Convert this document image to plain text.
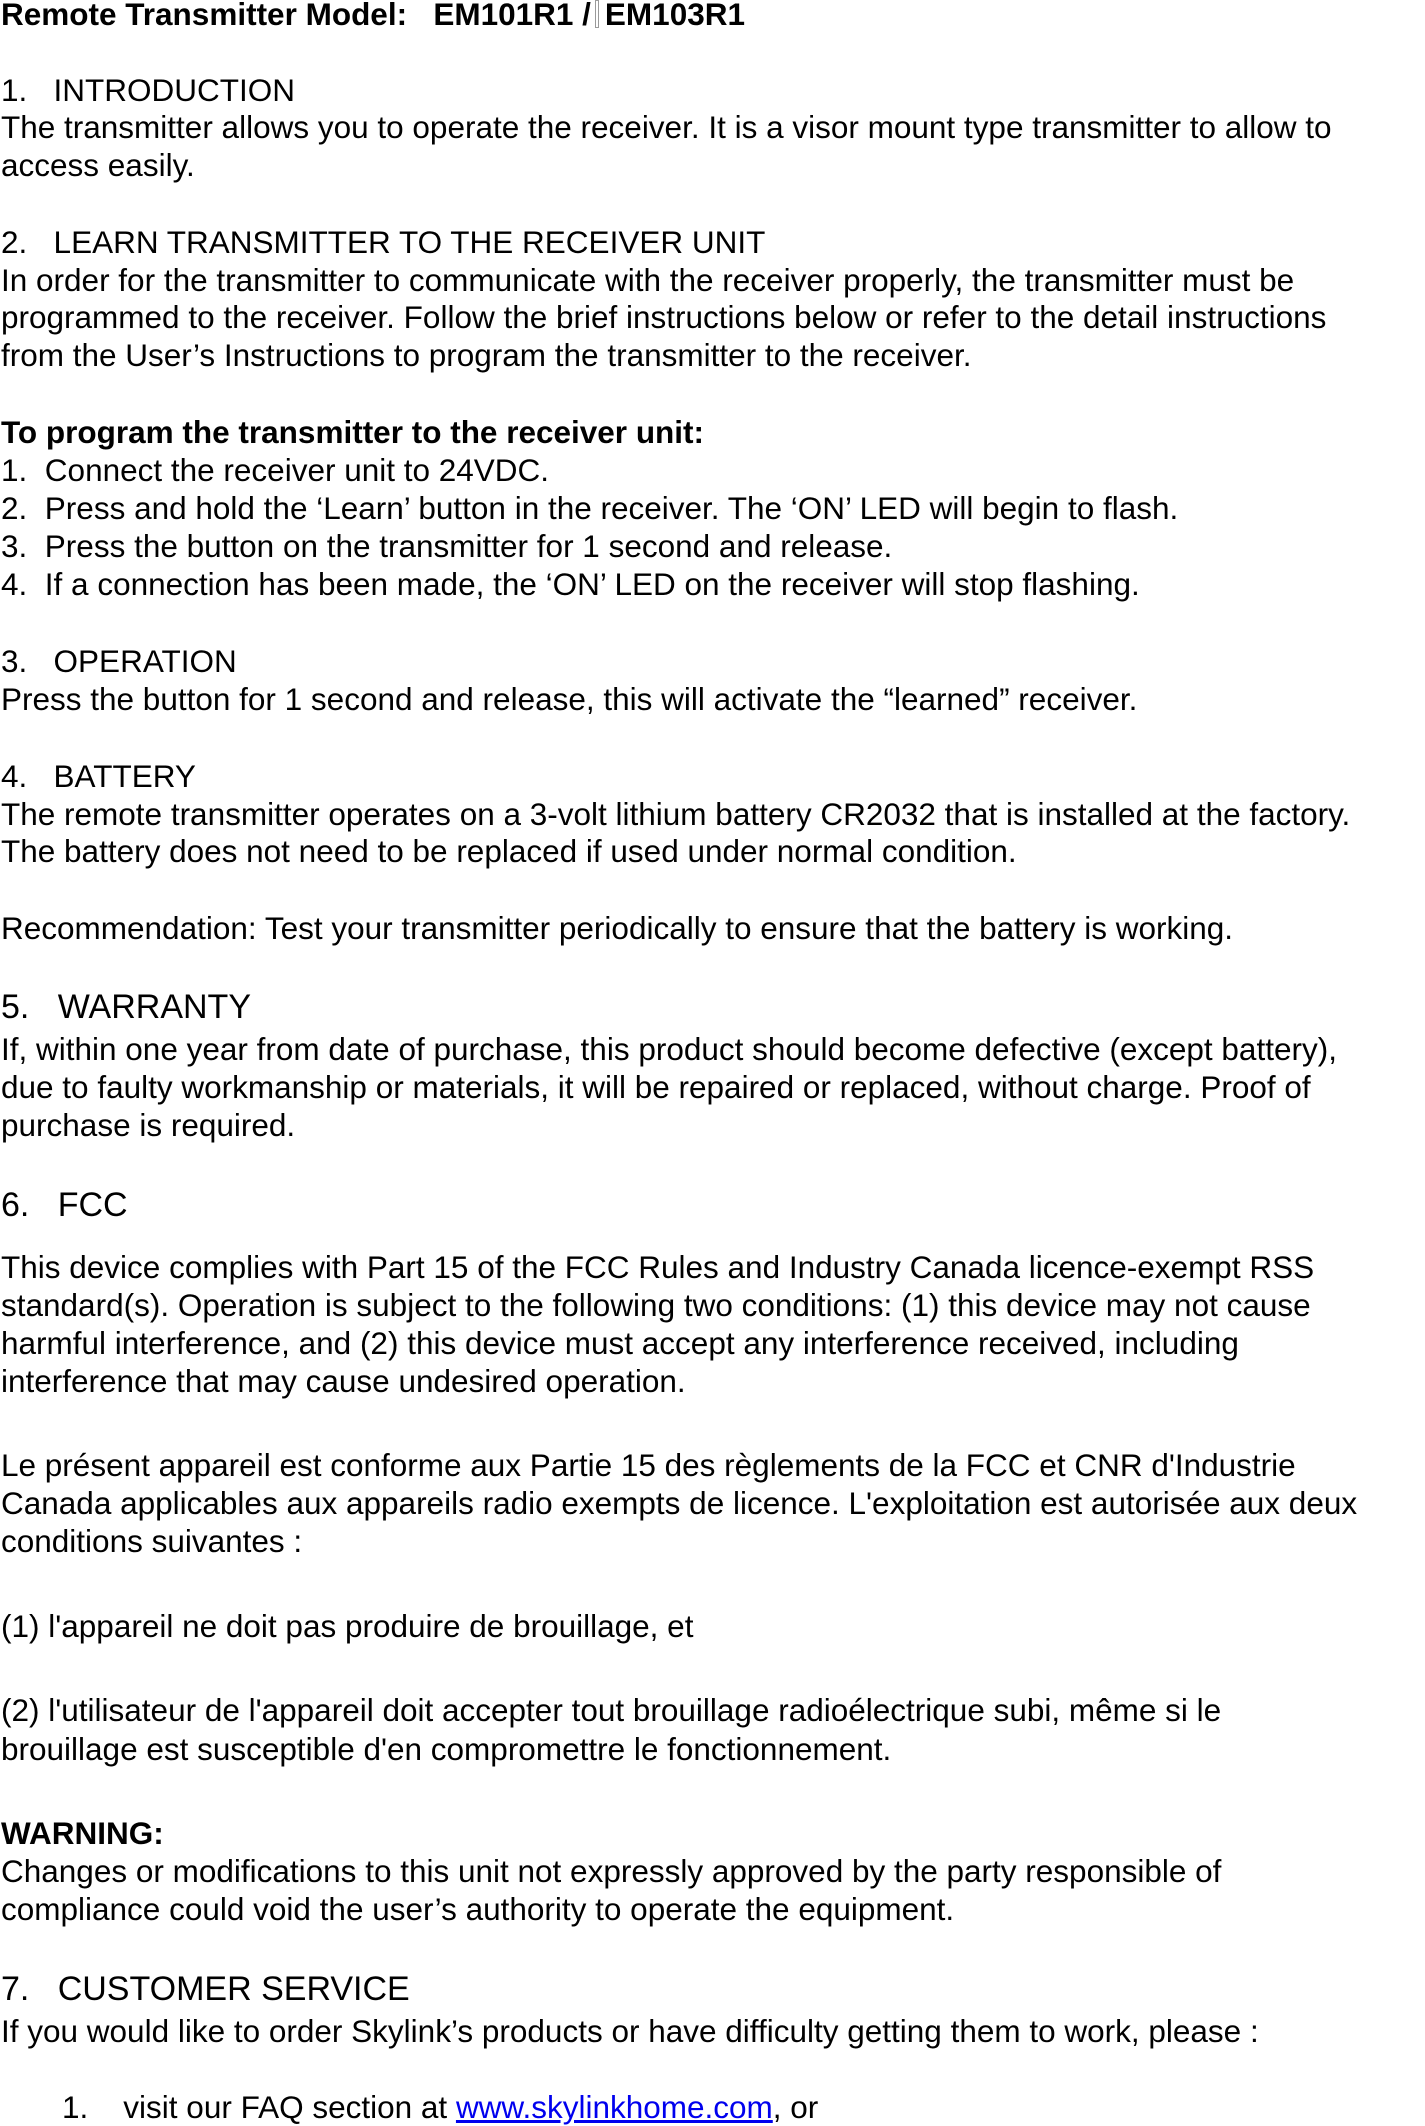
Remote Transmitter Model: EM101R1 / EM103R1
1. INTRODUCTION
The transmitter allows you to operate the receiver. It is a visor mount type transmitter to allow to
access easily.
2. LEARN TRANSMITTER TO THE RECEIVER UNIT
In order for the transmitter to communicate with the receiver properly, the transmitter must be
programmed to the receiver. Follow the brief instructions below or refer to the detail instructions
from the User’s Instructions to program the transmitter to the receiver.
To program the transmitter to the receiver unit:
1. Connect the receiver unit to 24VDC.
2. Press and hold the ‘Learn’ button in the receiver. The ‘ON’ LED will begin to flash.
3. Press the button on the transmitter for 1 second and release.
4. If a connection has been made, the ‘ON’ LED on the receiver will stop flashing.
3. OPERATION
Press the button for 1 second and release, this will activate the “learned” receiver.
4. BATTERY
The remote transmitter operates on a 3-volt lithium battery CR2032 that is installed at the factory.
The battery does not need to be replaced if used under normal condition.
Recommendation: Test your transmitter periodically to ensure that the battery is working.
5. WARRANTY
If, within one year from date of purchase, this product should become defective (except battery),
due to faulty workmanship or materials, it will be repaired or replaced, without charge. Proof of
purchase is required.
6. FCC
This device complies with Part 15 of the FCC Rules and Industry Canada licence-exempt RSS
standard(s). Operation is subject to the following two conditions: (1) this device may not cause
harmful interference, and (2) this device must accept any interference received, including
interference that may cause undesired operation.
Le présent appareil est conforme aux Partie 15 des règlements de la FCC et CNR d'Industrie
Canada applicables aux appareils radio exempts de licence. L'exploitation est autorisée aux deux
conditions suivantes :
(1) l'appareil ne doit pas produire de brouillage, et
(2) l'utilisateur de l'appareil doit accepter tout brouillage radioélectrique subi, même si le
brouillage est susceptible d'en compromettre le fonctionnement.
WARNING:
Changes or modifications to this unit not expressly approved by the party responsible of
compliance could void the user’s authority to operate the equipment.
7. CUSTOMER SERVICE
If you would like to order Skylink’s products or have difficulty getting them to work, please :
1. visit our FAQ section at www.skylinkhome.com, or
